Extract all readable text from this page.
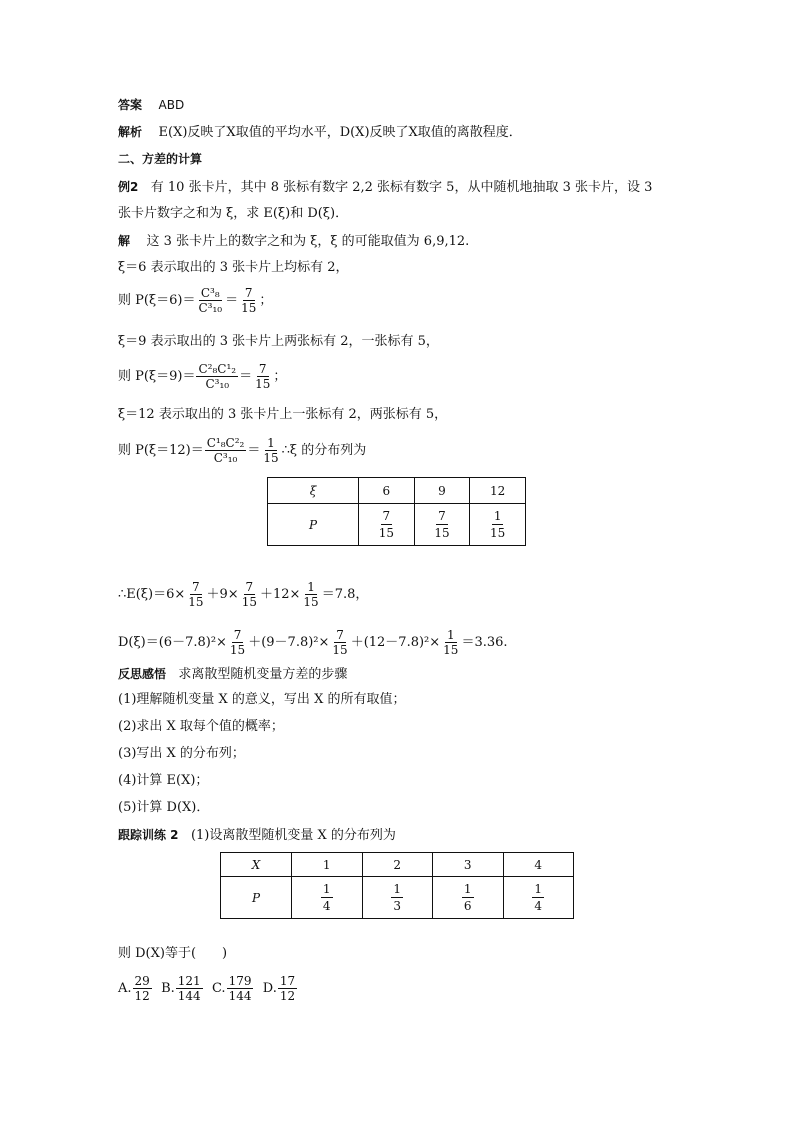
答案 ABD
解析 E(X)反映了X取值的平均水平，D(X)反映了X取值的离散程度．
二、方差的计算
例2 有 10 张卡片，其中 8 张标有数字 2,2 张标有数字 5，从中随机地抽取 3 张卡片，设 3
张卡片数字之和为 ξ，求 E(ξ)和 D(ξ)．
解 这 3 张卡片上的数字之和为 ξ，ξ 的可能取值为 6,9,12.
ξ＝6 表示取出的 3 张卡片上均标有 2，
则 $P(\xi=6)= \frac{\text{C³₈}}{\text{C³₁₀}} = \frac{7}{15}$ ；
ξ＝9 表示取出的 3 张卡片上两张标有 2，一张标有 5，
则 $P(\xi=9)= \frac{\text{C²₈C¹₂}}{\text{C³₁₀}} = \frac{7}{15}$ ；
ξ＝12 表示取出的 3 张卡片上一张标有 2，两张标有 5，
则 $P(\xi=12)= \frac{\text{C¹₈C²₂}}{\text{C³₁₀}} = \frac{1}{15}$ ∴ξ 的分布列为
ξ	6	9	12
P	$\frac{7}{15}$	$\frac{7}{15}$	$\frac{1}{15}$
∴E(ξ)＝6× $\frac{7}{15} +9\times \frac{7}{15} +12\times \frac{1}{15} =7.8$，
$D(\xi)=(6-7.8)^2\times \frac{7}{15} +(9-7.8)^2\times \frac{7}{15} +(12-7.8)^2\times \frac{1}{15} =3.36$.
反思感悟 求离散型随机变量方差的步骤
(1)理解随机变量 X 的意义，写出 X 的所有取值；
(2)求出 X 取每个值的概率；
(3)写出 X 的分布列；
(4)计算 E(X)；
(5)计算 D(X)．
跟踪训练 2 (1)设离散型随机变量 X 的分布列为
X	1	2	3	4
P	$\frac{1}{4}$	$\frac{1}{3}$	$\frac{1}{6}$	$\frac{1}{4}$
则 D(X)等于(　　)
A. $\frac{29}{12} B$. $\frac{121}{144} C$. $\frac{179}{144} D$. $\frac{17}{12}$
